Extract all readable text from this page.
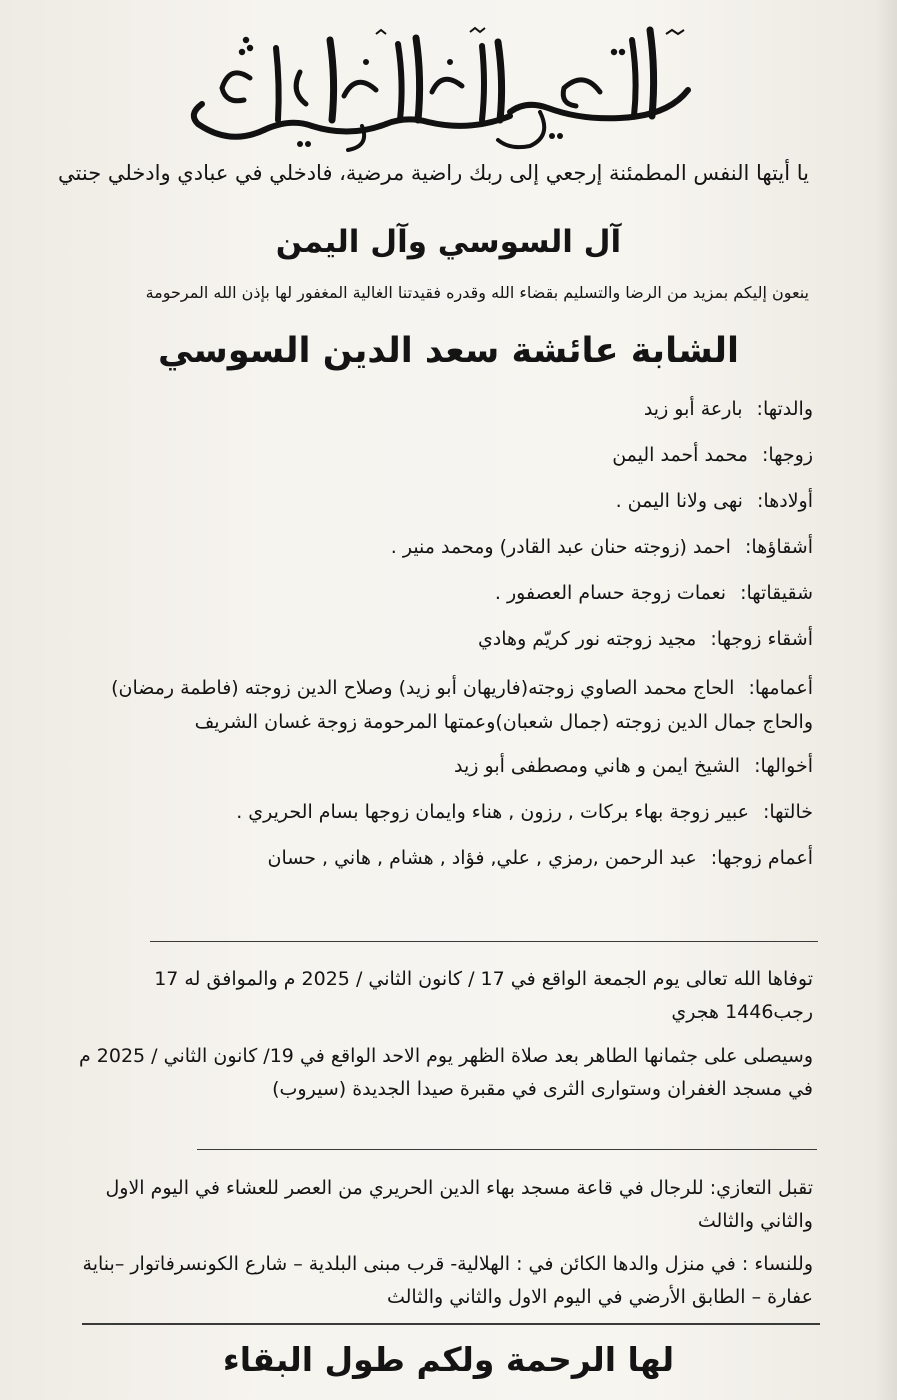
يا أيتها النفس المطمئنة إرجعي إلى ربك راضية مرضية، فادخلي في عبادي وادخلي جنتي
آل السوسي وآل اليمن
ينعون إليكم بمزيد من الرضا والتسليم بقضاء الله وقدره فقيدتنا الغالية المغفور لها بإذن الله المرحومة
الشابة عائشة سعد الدين السوسي
والدتها: بارعة أبو زيد
زوجها: محمد أحمد اليمن
أولادها: نهى ولانا اليمن .
أشقاؤها: احمد (زوجته حنان عبد القادر) ومحمد منير .
شقيقاتها: نعمات زوجة حسام العصفور .
أشقاء زوجها: مجيد زوجته نور كريّم وهادي
أعمامها: الحاج محمد الصاوي زوجته(فاريهان أبو زيد) وصلاح الدين زوجته (فاطمة رمضان) والحاج جمال الدين زوجته (جمال شعبان)وعمتها المرحومة زوجة غسان الشريف
أخوالها: الشيخ ايمن و هاني ومصطفى أبو زيد
خالتها: عبير زوجة بهاء بركات , رزون , هناء وايمان زوجها بسام الحريري .
أعمام زوجها: عبد الرحمن ,رمزي , علي, فؤاد , هشام , هاني , حسان
توفاها الله تعالى يوم الجمعة الواقع في 17 / كانون الثاني / 2025 م والموافق له 17 رجب1446 هجري
وسيصلى على جثمانها الطاهر بعد صلاة الظهر يوم الاحد الواقع في 19/ كانون الثاني / 2025 م في مسجد الغفران وستوارى الثرى في مقبرة صيدا الجديدة (سيروب)
تقبل التعازي: للرجال في قاعة مسجد بهاء الدين الحريري من العصر للعشاء في اليوم الاول والثاني والثالث
وللنساء : في منزل والدها الكائن في : الهلالية- قرب مبنى البلدية – شارع الكونسرفاتوار –بناية عفارة – الطابق الأرضي في اليوم الاول والثاني والثالث
لها الرحمة ولكم طول البقاء
